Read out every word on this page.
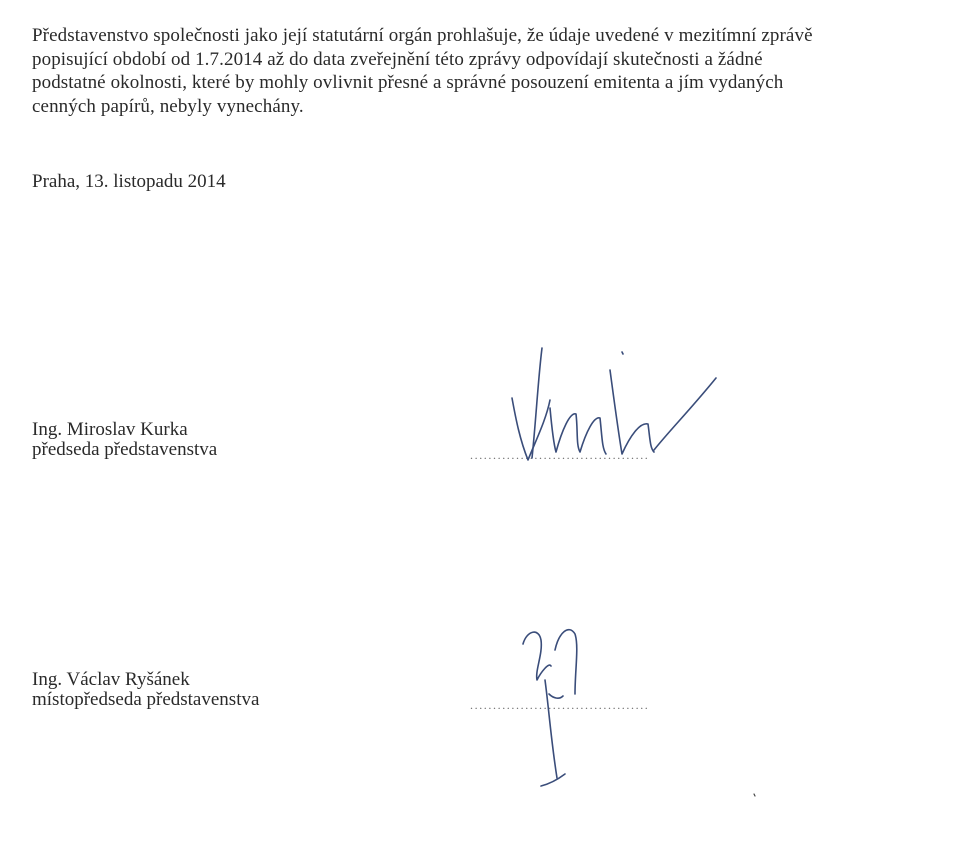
Představenstvo společnosti jako její statutární orgán prohlašuje, že údaje uvedené v mezitímní zprávě
popisující období od 1.7.2014 až do data zveřejnění této zprávy odpovídají skutečnosti a žádné
podstatné okolnosti, které by mohly ovlivnit přesné a správné posouzení emitenta a jím vydaných
cenných papírů, nebyly vynechány.

Praha, 13. listopadu 2014

Ing. Miroslav Kurka
předseda představenstva	.......................................
Ing. Václav Ryšánek
místopředseda představenstva	.......................................
